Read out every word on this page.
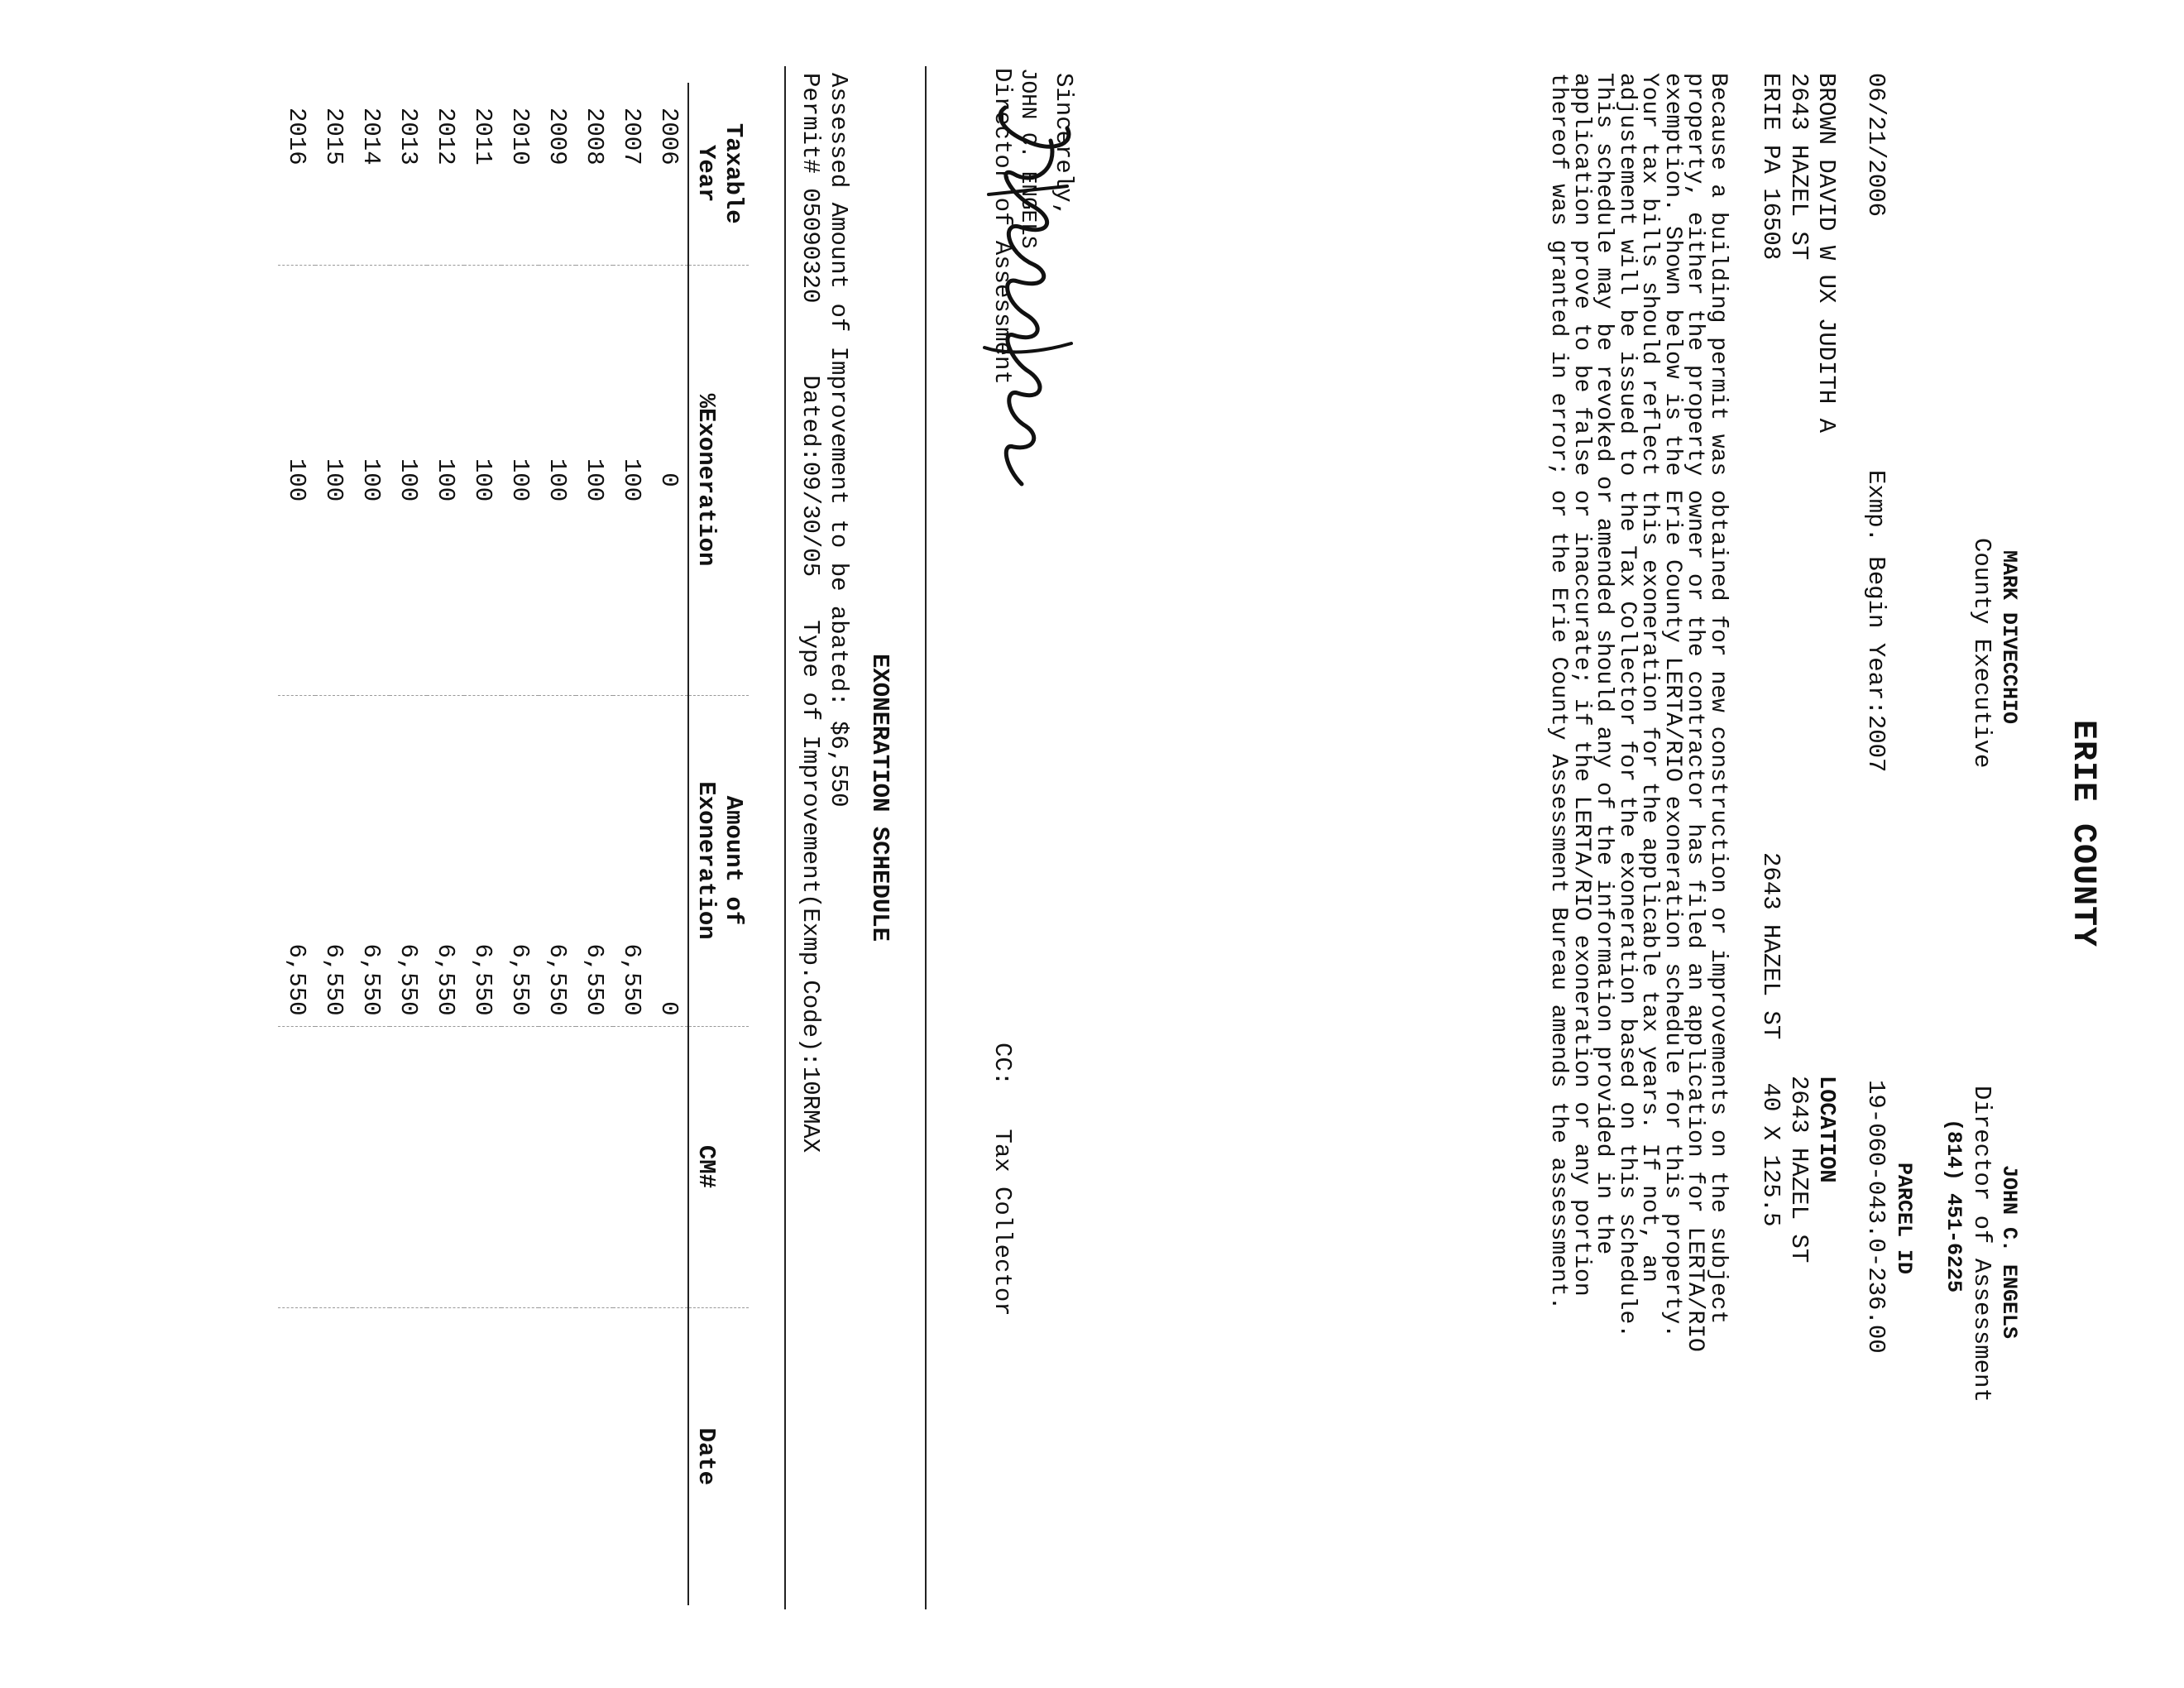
ERIE COUNTY
MARK DIVECCHIO
County Executive
JOHN C. ENGELS
Director of Assessment
(814) 451-6225
PARCEL ID
06/21/2006
Exmp. Begin Year:2007
19-060-043.0-236.00
BROWN DAVID W UX JUDITH A
LOCATION
2643 HAZEL ST
2643 HAZEL ST
ERIE PA 16508
2643 HAZEL ST   40 X 125.5
Because a building permit was obtained for new construction or improvements on the subject
property, either the property owner or the contractor has filed an application for LERTA/RIO
exemption. Shown below is the Erie County LERTA/RIO exoneration schedule for this property.
Your tax bills should reflect this exoneration for the applicable tax years. If not, an
adjustement will be issued to the Tax Collector for the exoneration based on this schedule.
This schedule may be revoked or amended should any of the information provided in the
application prove to be false or inaccurate; if the LERTA/RIO exoneration or any portion
thereof was granted in error; or the Erie County Assessment Bureau amends the assessment.
Sincerely,
JOHN C. ENGELS
Director of Assessment
CC:   Tax Collector
EXONERATION SCHEDULE
Assessed Amount of Improvement to be abated: $6,550
Permit# 05090320     Dated:09/30/05   Type of Improvement(Exmp.Code):10RMAX
Taxable
Year	%Exoneration	Amount of
Exoneration	CM#	Date
2006	0	0		
2007	100	6,550		
2008	100	6,550		
2009	100	6,550		
2010	100	6,550		
2011	100	6,550		
2012	100	6,550		
2013	100	6,550		
2014	100	6,550		
2015	100	6,550		
2016	100	6,550		
